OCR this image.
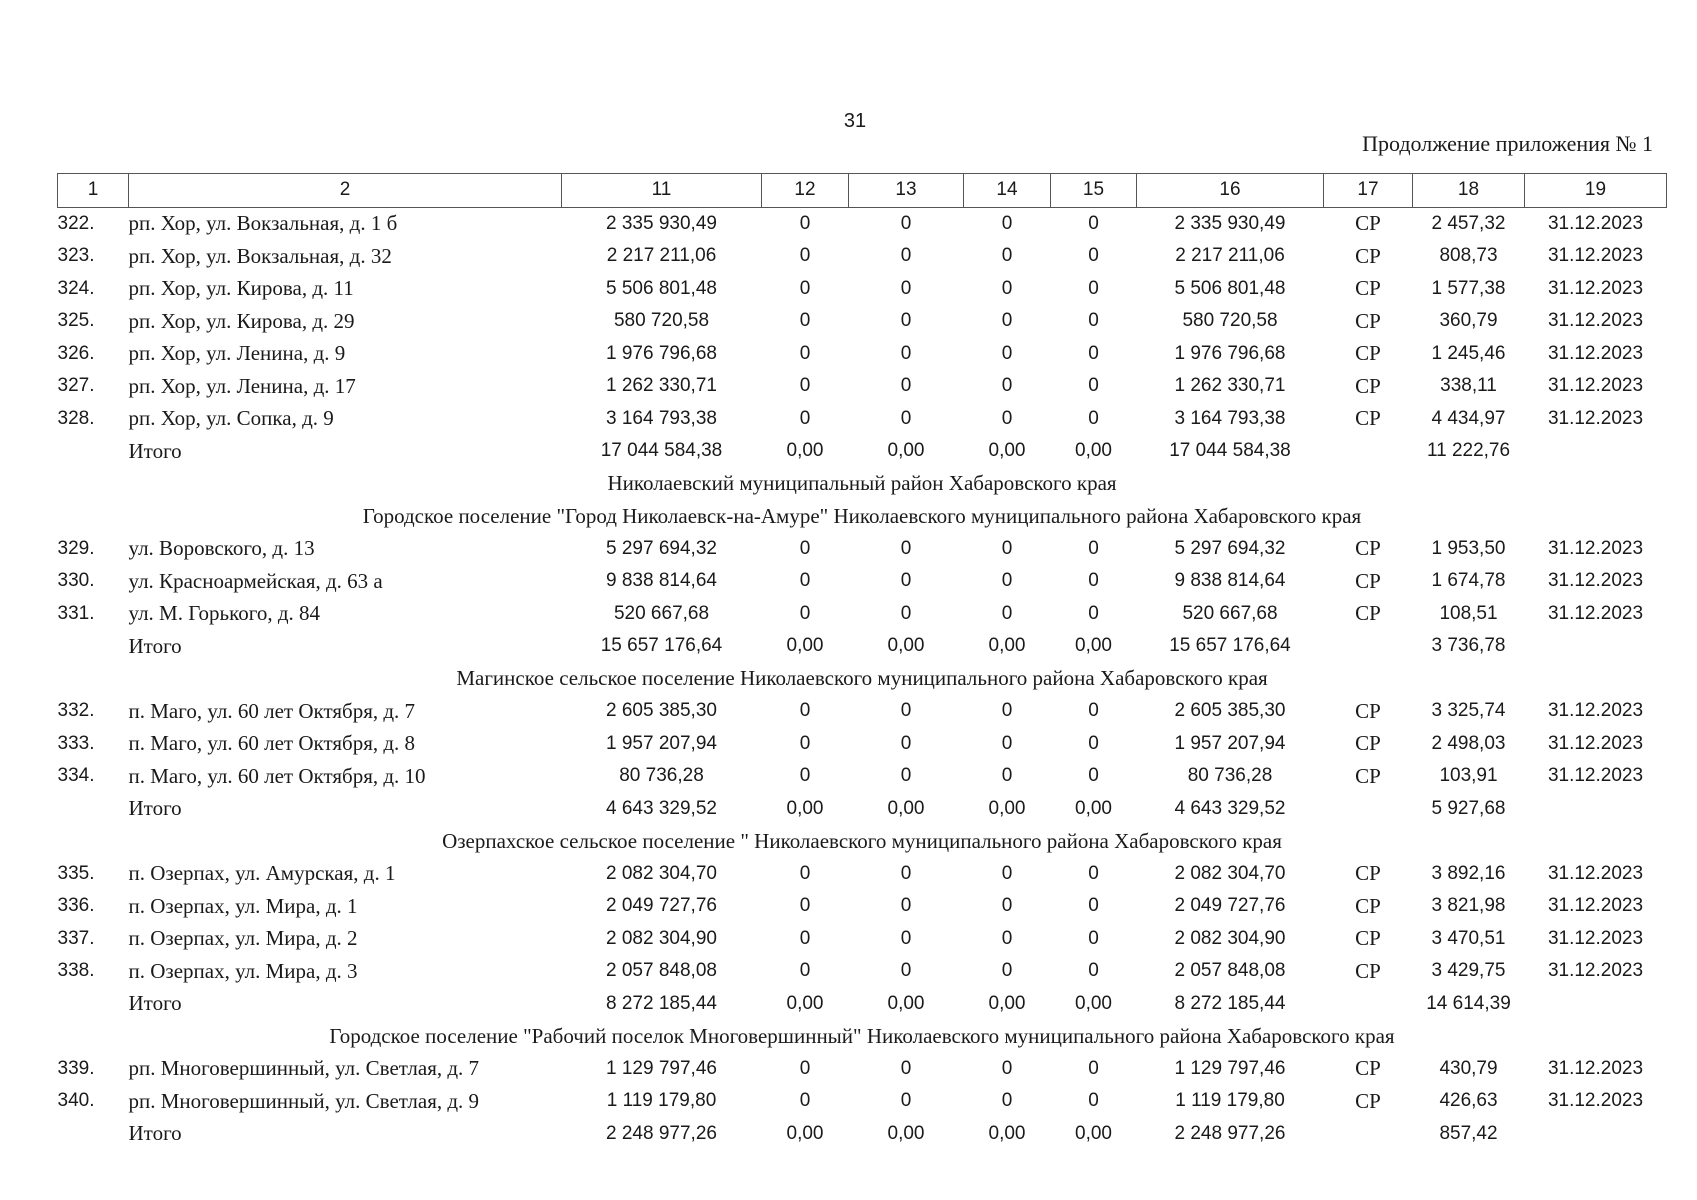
31
Продолжение приложения № 1
1	2	11	12	13	14	15	16	17	18	19
322.	рп. Хор, ул. Вокзальная, д. 1 б	2 335 930,49	0	0	0	0	2 335 930,49	СР	2 457,32	31.12.2023
323.	рп. Хор, ул. Вокзальная, д. 32	2 217 211,06	0	0	0	0	2 217 211,06	СР	808,73	31.12.2023
324.	рп. Хор, ул. Кирова, д. 11	5 506 801,48	0	0	0	0	5 506 801,48	СР	1 577,38	31.12.2023
325.	рп. Хор, ул. Кирова, д. 29	580 720,58	0	0	0	0	580 720,58	СР	360,79	31.12.2023
326.	рп. Хор, ул. Ленина, д. 9	1 976 796,68	0	0	0	0	1 976 796,68	СР	1 245,46	31.12.2023
327.	рп. Хор, ул. Ленина, д. 17	1 262 330,71	0	0	0	0	1 262 330,71	СР	338,11	31.12.2023
328.	рп. Хор, ул. Сопка, д. 9	3 164 793,38	0	0	0	0	3 164 793,38	СР	4 434,97	31.12.2023
	Итого	17 044 584,38	0,00	0,00	0,00	0,00	17 044 584,38		11 222,76	
Николаевский муниципальный район Хабаровского края										
Городское поселение "Город Николаевск-на-Амуре" Николаевского муниципального района Хабаровского края										
329.	ул. Воровского, д. 13	5 297 694,32	0	0	0	0	5 297 694,32	СР	1 953,50	31.12.2023
330.	ул. Красноармейская, д. 63 а	9 838 814,64	0	0	0	0	9 838 814,64	СР	1 674,78	31.12.2023
331.	ул. М. Горького, д. 84	520 667,68	0	0	0	0	520 667,68	СР	108,51	31.12.2023
	Итого	15 657 176,64	0,00	0,00	0,00	0,00	15 657 176,64		3 736,78	
Магинское сельское поселение Николаевского муниципального района Хабаровского края										
332.	п. Маго, ул. 60 лет Октября, д. 7	2 605 385,30	0	0	0	0	2 605 385,30	СР	3 325,74	31.12.2023
333.	п. Маго, ул. 60 лет Октября, д. 8	1 957 207,94	0	0	0	0	1 957 207,94	СР	2 498,03	31.12.2023
334.	п. Маго, ул. 60 лет Октября, д. 10	80 736,28	0	0	0	0	80 736,28	СР	103,91	31.12.2023
	Итого	4 643 329,52	0,00	0,00	0,00	0,00	4 643 329,52		5 927,68	
Озерпахское сельское поселение " Николаевского муниципального района Хабаровского края										
335.	п. Озерпах, ул. Амурская, д. 1	2 082 304,70	0	0	0	0	2 082 304,70	СР	3 892,16	31.12.2023
336.	п. Озерпах, ул. Мира, д. 1	2 049 727,76	0	0	0	0	2 049 727,76	СР	3 821,98	31.12.2023
337.	п. Озерпах, ул. Мира, д. 2	2 082 304,90	0	0	0	0	2 082 304,90	СР	3 470,51	31.12.2023
338.	п. Озерпах, ул. Мира, д. 3	2 057 848,08	0	0	0	0	2 057 848,08	СР	3 429,75	31.12.2023
	Итого	8 272 185,44	0,00	0,00	0,00	0,00	8 272 185,44		14 614,39	
Городское поселение "Рабочий поселок Многовершинный" Николаевского муниципального района Хабаровского края										
339.	рп. Многовершинный, ул. Светлая, д. 7	1 129 797,46	0	0	0	0	1 129 797,46	СР	430,79	31.12.2023
340.	рп. Многовершинный, ул. Светлая, д. 9	1 119 179,80	0	0	0	0	1 119 179,80	СР	426,63	31.12.2023
	Итого	2 248 977,26	0,00	0,00	0,00	0,00	2 248 977,26		857,42	
